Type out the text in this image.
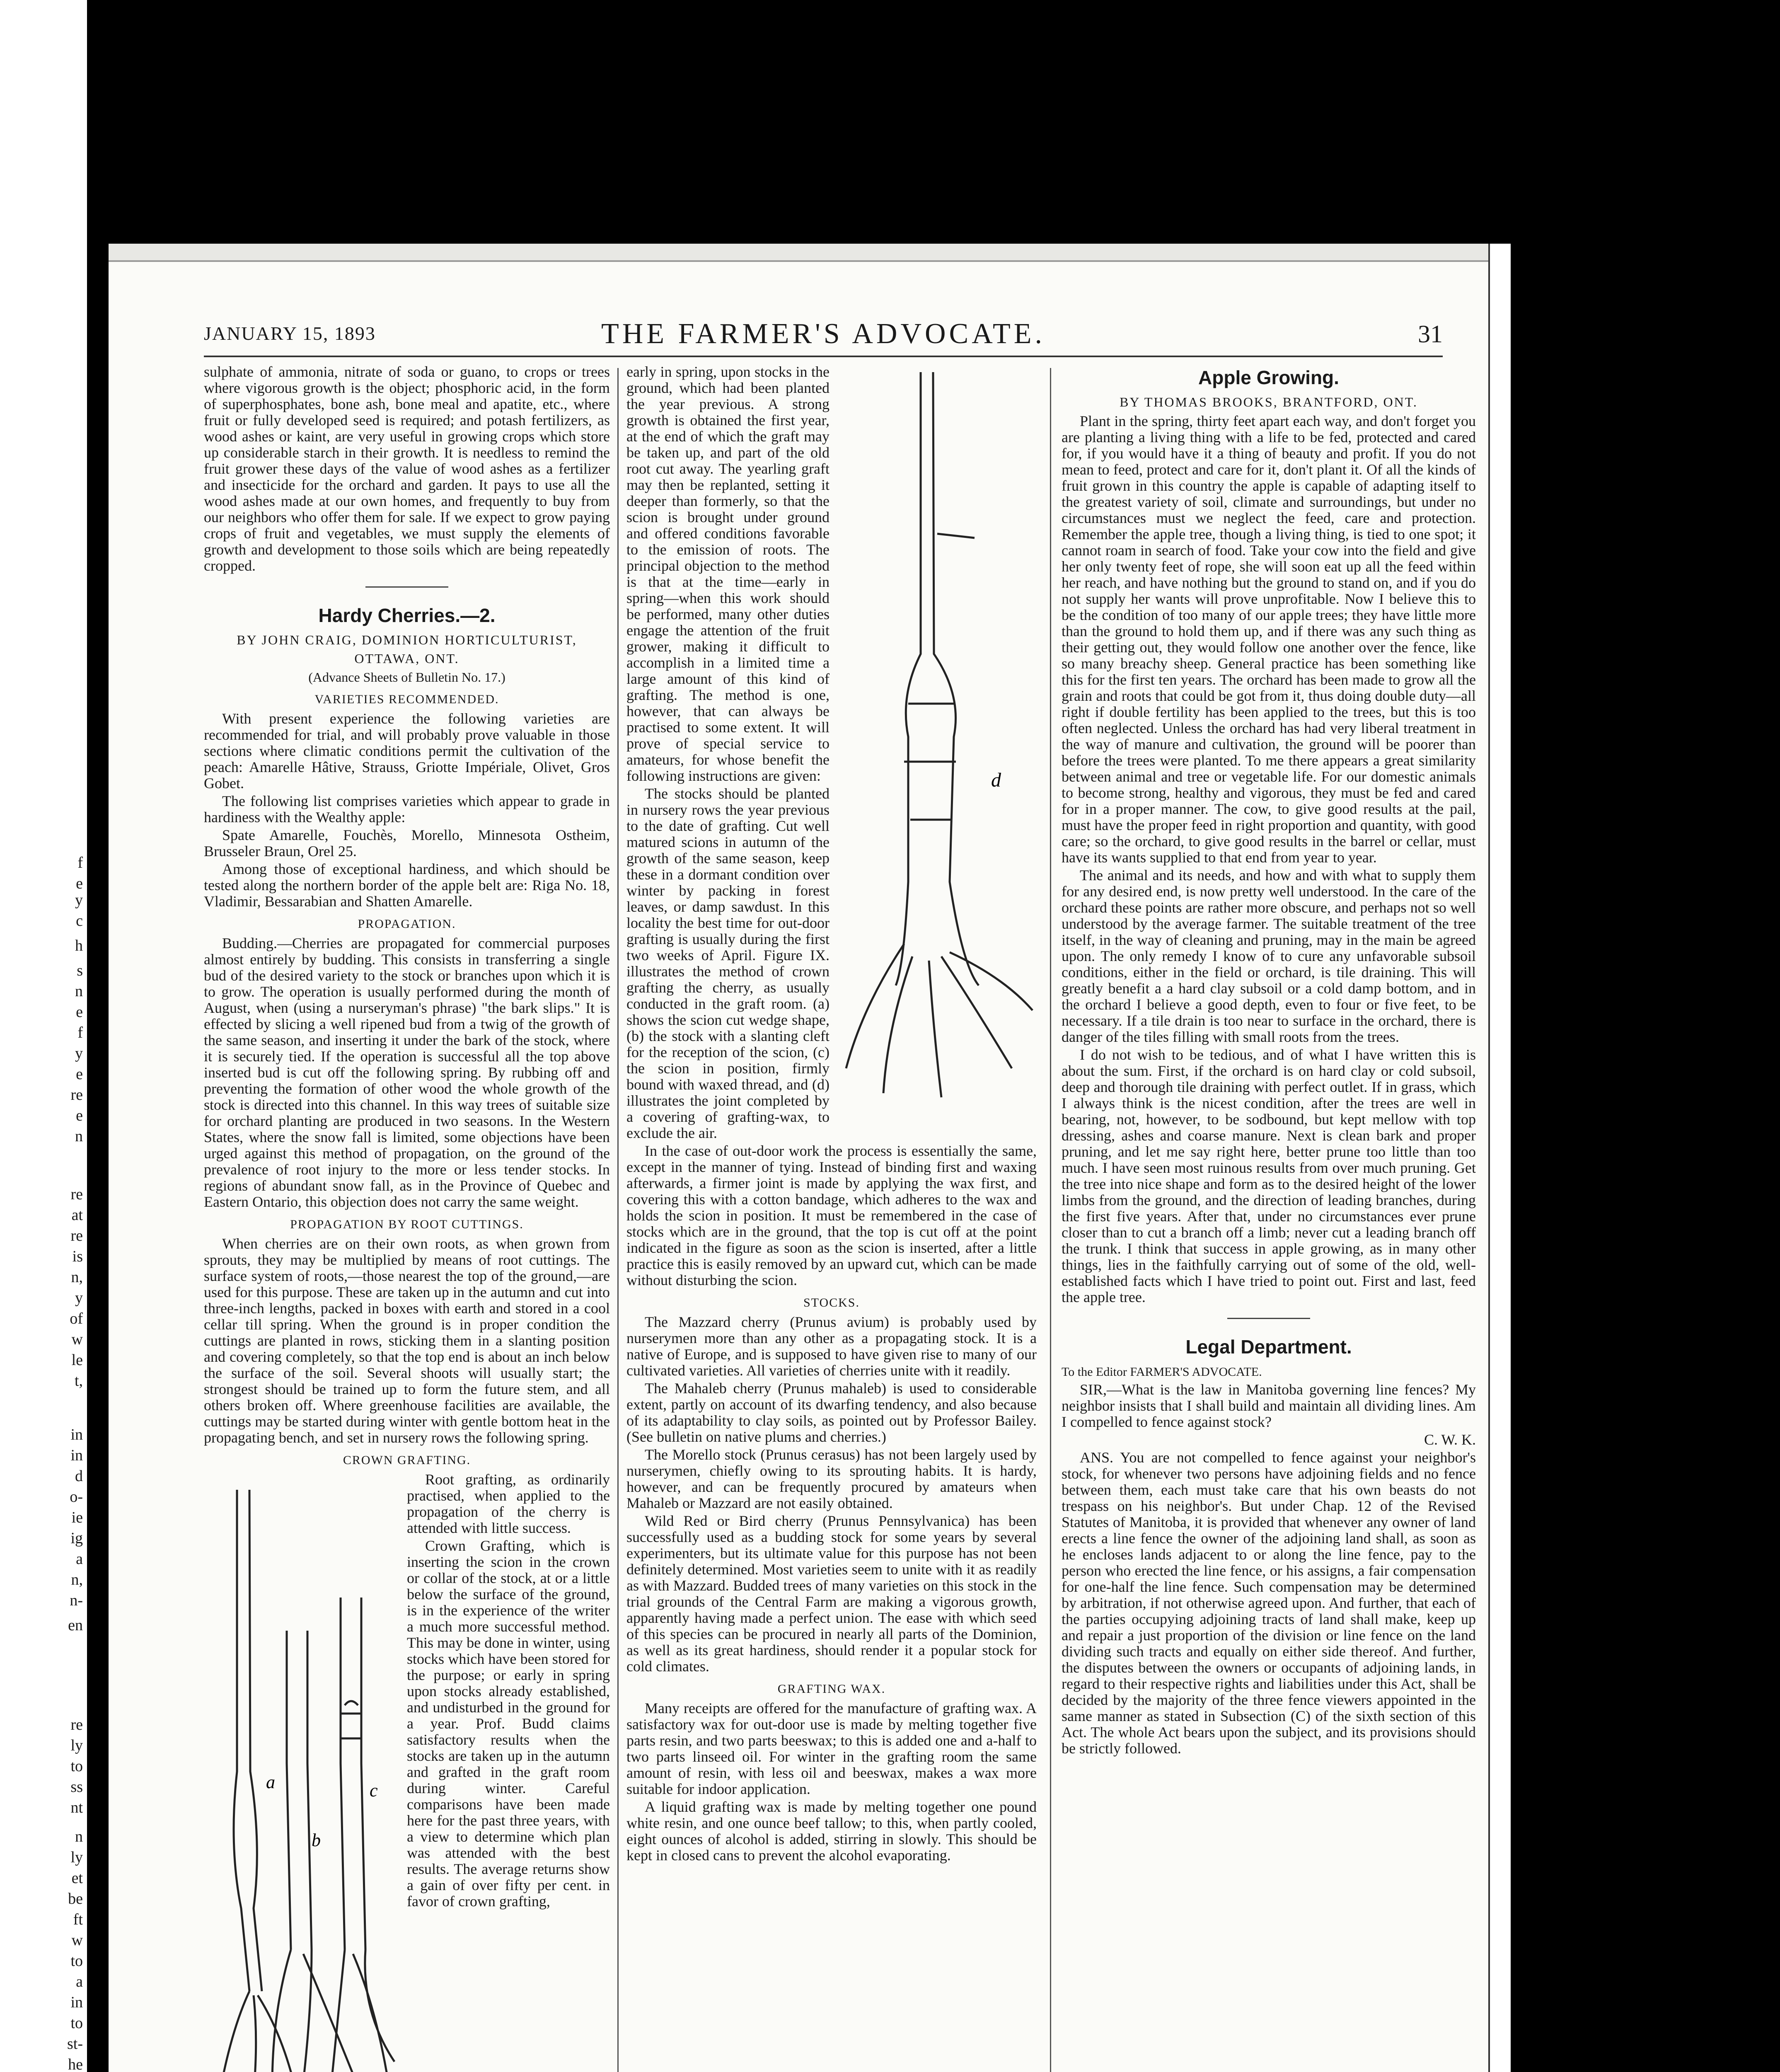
f
e
y
c
h
s
n
e
f
y
e
re
e
n
re
at
re
is
n,
y
of
w
le
t,
in
in
d
o-
ie
ig
a
n,
n-
en
re
ly
to
ss
nt
n
ly
et
be
ft
w
to
a
in
to
st-
he
JANUARY 15, 1893	THE FARMER'S ADVOCATE.	31

sulphate of ammonia, nitrate of soda or guano, to crops or trees where vigorous growth is the object; phosphoric acid, in the form of superphosphates, bone ash, bone meal and apatite, etc., where fruit or fully developed seed is required; and potash fertilizers, as wood ashes or kaint, are very useful in growing crops which store up considerable starch in their growth. It is needless to remind the fruit grower these days of the value of wood ashes as a fertilizer and insecticide for the orchard and garden. It pays to use all the wood ashes made at our own homes, and frequently to buy from our neighbors who offer them for sale. If we expect to grow paying crops of fruit and vegetables, we must supply the elements of growth and development to those soils which are being repeatedly cropped.

Hardy Cherries.—2.
BY JOHN CRAIG, DOMINION HORTICULTURIST,
OTTAWA, ONT.
(Advance Sheets of Bulletin No. 17.)
VARIETIES RECOMMENDED.

With present experience the following varieties are recommended for trial, and will probably prove valuable in those sections where climatic conditions permit the cultivation of the peach: Amarelle Hâtive, Strauss, Griotte Impériale, Olivet, Gros Gobet.

The following list comprises varieties which appear to grade in hardiness with the Wealthy apple:

Spate Amarelle, Fouchès, Morello, Minnesota Ostheim, Brusseler Braun, Orel 25.

Among those of exceptional hardiness, and which should be tested along the northern border of the apple belt are: Riga No. 18, Vladimir, Bessarabian and Shatten Amarelle.

PROPAGATION.

Budding.—Cherries are propagated for commercial purposes almost entirely by budding. This consists in transferring a single bud of the desired variety to the stock or branches upon which it is to grow. The operation is usually performed during the month of August, when (using a nurseryman's phrase) "the bark slips." It is effected by slicing a well ripened bud from a twig of the growth of the same season, and inserting it under the bark of the stock, where it is securely tied. If the operation is successful all the top above inserted bud is cut off the following spring. By rubbing off and preventing the formation of other wood the whole growth of the stock is directed into this channel. In this way trees of suitable size for orchard planting are produced in two seasons. In the Western States, where the snow fall is limited, some objections have been urged against this method of propagation, on the ground of the prevalence of root injury to the more or less tender stocks. In regions of abundant snow fall, as in the Province of Quebec and Eastern Ontario, this objection does not carry the same weight.

PROPAGATION BY ROOT CUTTINGS.

When cherries are on their own roots, as when grown from sprouts, they may be multiplied by means of root cuttings. The surface system of roots,—those nearest the top of the ground,—are used for this purpose. These are taken up in the autumn and cut into three-inch lengths, packed in boxes with earth and stored in a cool cellar till spring. When the ground is in proper condition the cuttings are planted in rows, sticking them in a slanting position and covering completely, so that the top end is about an inch below the surface of the soil. Several shoots will usually start; the strongest should be trained up to form the future stem, and all others broken off. Where greenhouse facilities are available, the cuttings may be started during winter with gentle bottom heat in the propagating bench, and set in nursery rows the following spring.

CROWN GRAFTING.
a
b
c

Root grafting, as ordinarily practised, when applied to the propagation of the cherry is attended with little success.

Crown Grafting, which is inserting the scion in the crown or collar of the stock, at or a little below the surface of the ground, is in the experience of the writer a much more successful method. This may be done in winter, using stocks which have been stored for the purpose; or early in spring upon stocks already established, and undisturbed in the ground for a year. Prof. Budd claims satisfactory results when the stocks are taken up in the autumn and grafted in the graft room during winter. Careful comparisons have been made here for the past three years, with a view to determine which plan was attended with the best results. The average returns show a gain of over fifty per cent. in favor of crown grafting,

d

early in spring, upon stocks in the ground, which had been planted the year previous. A strong growth is obtained the first year, at the end of which the graft may be taken up, and part of the old root cut away. The yearling graft may then be replanted, setting it deeper than formerly, so that the scion is brought under ground and offered conditions favorable to the emission of roots. The principal objection to the method is that at the time—early in spring—when this work should be performed, many other duties engage the attention of the fruit grower, making it difficult to accomplish in a limited time a large amount of this kind of grafting. The method is one, however, that can always be practised to some extent. It will prove of special service to amateurs, for whose benefit the following instructions are given:

The stocks should be planted in nursery rows the year previous to the date of grafting. Cut well matured scions in autumn of the growth of the same season, keep these in a dormant condition over winter by packing in forest leaves, or damp sawdust. In this locality the best time for out-door grafting is usually during the first two weeks of April. Figure IX. illustrates the method of crown grafting the cherry, as usually conducted in the graft room. (a) shows the scion cut wedge shape, (b) the stock with a slanting cleft for the reception of the scion, (c) the scion in position, firmly bound with waxed thread, and (d) illustrates the joint completed by a covering of grafting-wax, to exclude the air.

In the case of out-door work the process is essentially the same, except in the manner of tying. Instead of binding first and waxing afterwards, a firmer joint is made by applying the wax first, and covering this with a cotton bandage, which adheres to the wax and holds the scion in position. It must be remembered in the case of stocks which are in the ground, that the top is cut off at the point indicated in the figure as soon as the scion is inserted, after a little practice this is easily removed by an upward cut, which can be made without disturbing the scion.

STOCKS.

The Mazzard cherry (Prunus avium) is probably used by nurserymen more than any other as a propagating stock. It is a native of Europe, and is supposed to have given rise to many of our cultivated varieties. All varieties of cherries unite with it readily.

The Mahaleb cherry (Prunus mahaleb) is used to considerable extent, partly on account of its dwarfing tendency, and also because of its adaptability to clay soils, as pointed out by Professor Bailey. (See bulletin on native plums and cherries.)

The Morello stock (Prunus cerasus) has not been largely used by nurserymen, chiefly owing to its sprouting habits. It is hardy, however, and can be frequently procured by amateurs when Mahaleb or Mazzard are not easily obtained.

Wild Red or Bird cherry (Prunus Pennsylvanica) has been successfully used as a budding stock for some years by several experimenters, but its ultimate value for this purpose has not been definitely determined. Most varieties seem to unite with it as readily as with Mazzard. Budded trees of many varieties on this stock in the trial grounds of the Central Farm are making a vigorous growth, apparently having made a perfect union. The ease with which seed of this species can be procured in nearly all parts of the Dominion, as well as its great hardiness, should render it a popular stock for cold climates.

GRAFTING WAX.

Many receipts are offered for the manufacture of grafting wax. A satisfactory wax for out-door use is made by melting together five parts resin, and two parts beeswax; to this is added one and a-half to two parts linseed oil. For winter in the grafting room the same amount of resin, with less oil and beeswax, makes a wax more suitable for indoor application.

A liquid grafting wax is made by melting together one pound white resin, and one ounce beef tallow; to this, when partly cooled, eight ounces of alcohol is added, stirring in slowly. This should be kept in closed cans to prevent the alcohol evaporating.

Apple Growing.
BY THOMAS BROOKS, BRANTFORD, ONT.

Plant in the spring, thirty feet apart each way, and don't forget you are planting a living thing with a life to be fed, protected and cared for, if you would have it a thing of beauty and profit. If you do not mean to feed, protect and care for it, don't plant it. Of all the kinds of fruit grown in this country the apple is capable of adapting itself to the greatest variety of soil, climate and surroundings, but under no circumstances must we neglect the feed, care and protection. Remember the apple tree, though a living thing, is tied to one spot; it cannot roam in search of food. Take your cow into the field and give her only twenty feet of rope, she will soon eat up all the feed within her reach, and have nothing but the ground to stand on, and if you do not supply her wants will prove unprofitable. Now I believe this to be the condition of too many of our apple trees; they have little more than the ground to hold them up, and if there was any such thing as their getting out, they would follow one another over the fence, like so many breachy sheep. General practice has been something like this for the first ten years. The orchard has been made to grow all the grain and roots that could be got from it, thus doing double duty—all right if double fertility has been applied to the trees, but this is too often neglected. Unless the orchard has had very liberal treatment in the way of manure and cultivation, the ground will be poorer than before the trees were planted. To me there appears a great similarity between animal and tree or vegetable life. For our domestic animals to become strong, healthy and vigorous, they must be fed and cared for in a proper manner. The cow, to give good results at the pail, must have the proper feed in right proportion and quantity, with good care; so the orchard, to give good results in the barrel or cellar, must have its wants supplied to that end from year to year.

The animal and its needs, and how and with what to supply them for any desired end, is now pretty well understood. In the care of the orchard these points are rather more obscure, and perhaps not so well understood by the average farmer. The suitable treatment of the tree itself, in the way of cleaning and pruning, may in the main be agreed upon. The only remedy I know of to cure any unfavorable subsoil conditions, either in the field or orchard, is tile draining. This will greatly benefit a a hard clay subsoil or a cold damp bottom, and in the orchard I believe a good depth, even to four or five feet, to be necessary. If a tile drain is too near to surface in the orchard, there is danger of the tiles filling with small roots from the trees.

I do not wish to be tedious, and of what I have written this is about the sum. First, if the orchard is on hard clay or cold subsoil, deep and thorough tile draining with perfect outlet. If in grass, which I always think is the nicest condition, after the trees are well in bearing, not, however, to be sodbound, but kept mellow with top dressing, ashes and coarse manure. Next is clean bark and proper pruning, and let me say right here, better prune too little than too much. I have seen most ruinous results from over much pruning. Get the tree into nice shape and form as to the desired height of the lower limbs from the ground, and the direction of leading branches, during the first five years. After that, under no circumstances ever prune closer than to cut a branch off a limb; never cut a leading branch off the trunk. I think that success in apple growing, as in many other things, lies in the faithfully carrying out of some of the old, well-established facts which I have tried to point out. First and last, feed the apple tree.

Legal Department.

To the Editor FARMER'S ADVOCATE.

SIR,—What is the law in Manitoba governing line fences? My neighbor insists that I shall build and maintain all dividing lines. Am I compelled to fence against stock?

C. W. K.

ANS. You are not compelled to fence against your neighbor's stock, for whenever two persons have adjoining fields and no fence between them, each must take care that his own beasts do not trespass on his neighbor's. But under Chap. 12 of the Revised Statutes of Manitoba, it is provided that whenever any owner of land erects a line fence the owner of the adjoining land shall, as soon as he encloses lands adjacent to or along the line fence, pay to the person who erected the line fence, or his assigns, a fair compensation for one-half the line fence. Such compensation may be determined by arbitration, if not otherwise agreed upon. And further, that each of the parties occupying adjoining tracts of land shall make, keep up and repair a just proportion of the division or line fence on the land dividing such tracts and equally on either side thereof. And further, the disputes between the owners or occupants of adjoining lands, in regard to their respective rights and liabilities under this Act, shall be decided by the majority of the three fence viewers appointed in the same manner as stated in Subsection (C) of the sixth section of this Act. The whole Act bears upon the subject, and its provisions should be strictly followed.
